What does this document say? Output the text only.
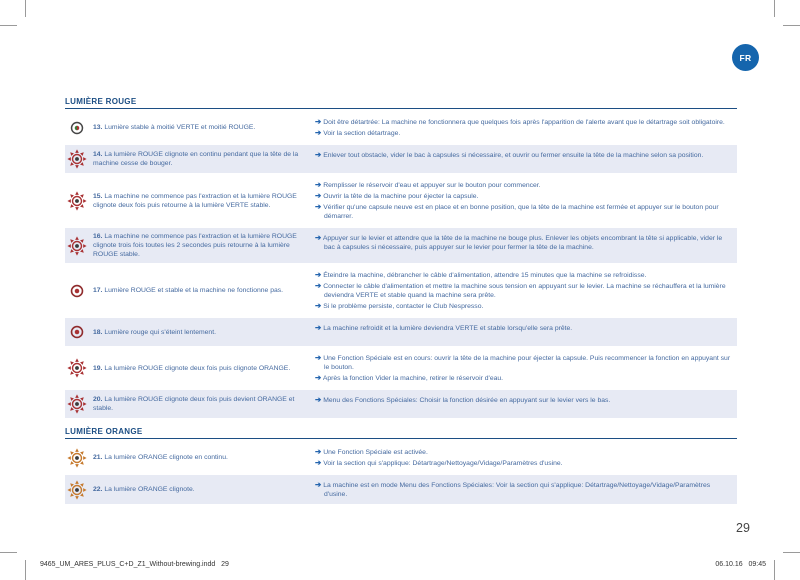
FR
LUMIÈRE ROUGE
13. Lumière stable à moitié VERTE et moitié ROUGE.
➔ Doit être détartrée: La machine ne fonctionnera que quelques fois après l'apparition de l'alerte avant que le détartrage soit obligatoire.
➔ Voir la section détartrage.
14. La lumière ROUGE clignote en continu pendant que la tête de la machine cesse de bouger.
➔ Enlever tout obstacle, vider le bac à capsules si nécessaire, et ouvrir ou fermer ensuite la tête de la machine selon sa position.
15. La machine ne commence pas l'extraction et la lumière ROUGE clignote deux fois puis retourne à la lumière VERTE stable.
➔ Remplisser le réservoir d'eau et appuyer sur le bouton pour commencer.
➔ Ouvrir la tête de la machine pour éjecter la capsule.
➔ Vérifier qu'une capsule neuve est en place et en bonne position, que la tête de la machine est fermée et appuyer sur le bouton pour démarrer.
16. La machine ne commence pas l'extraction et la lumière ROUGE clignote trois fois toutes les 2 secondes puis retourne à la lumière ROUGE stable.
➔ Appuyer sur le levier et attendre que la tête de la machine ne bouge plus. Enlever les objets encombrant la tête si applicable, vider le bac à capsules si nécessaire, puis appuyer sur le levier pour fermer la tête de la machine.
17. Lumière ROUGE et stable et la machine ne fonctionne pas.
➔ Éteindre la machine, débrancher le câble d'alimentation, attendre 15 minutes que la machine se refroidisse.
➔ Connecter le câble d'alimentation et mettre la machine sous tension en appuyant sur le levier. La machine se réchauffera et la lumière deviendra VERTE et stable quand la machine sera prête.
➔ Si le problème persiste, contacter le Club Nespresso.
18. Lumière rouge qui s'éteint lentement.	➔ La machine refroidit et la lumière deviendra VERTE et stable lorsqu'elle sera prête.
19. La lumière ROUGE clignote deux fois puis clignote ORANGE.
➔ Une Fonction Spéciale est en cours: ouvrir la tête de la machine pour éjecter la capsule. Puis recommencer la fonction en appuyant sur le bouton.
➔ Après la fonction Vider la machine, retirer le réservoir d'eau.
20. La lumière ROUGE clignote deux fois puis devient ORANGE et stable.
➔ Menu des Fonctions Spéciales: Choisir la fonction désirée en appuyant sur le levier vers le bas.
LUMIÈRE ORANGE
21. La lumière ORANGE clignote en continu.
➔ Une Fonction Spéciale est activée.
➔ Voir la section qui s'applique: Détartrage/Nettoyage/Vidage/Paramètres d'usine.
22. La lumière ORANGE clignote.
➔ La machine est en mode Menu des Fonctions Spéciales: Voir la section qui s'applique: Détartrage/Nettoyage/Vidage/Paramètres d'usine.
29
9465_UM_ARES_PLUS_C+D_Z1_Without-brewing.indd   29	06.10.16   09:45
